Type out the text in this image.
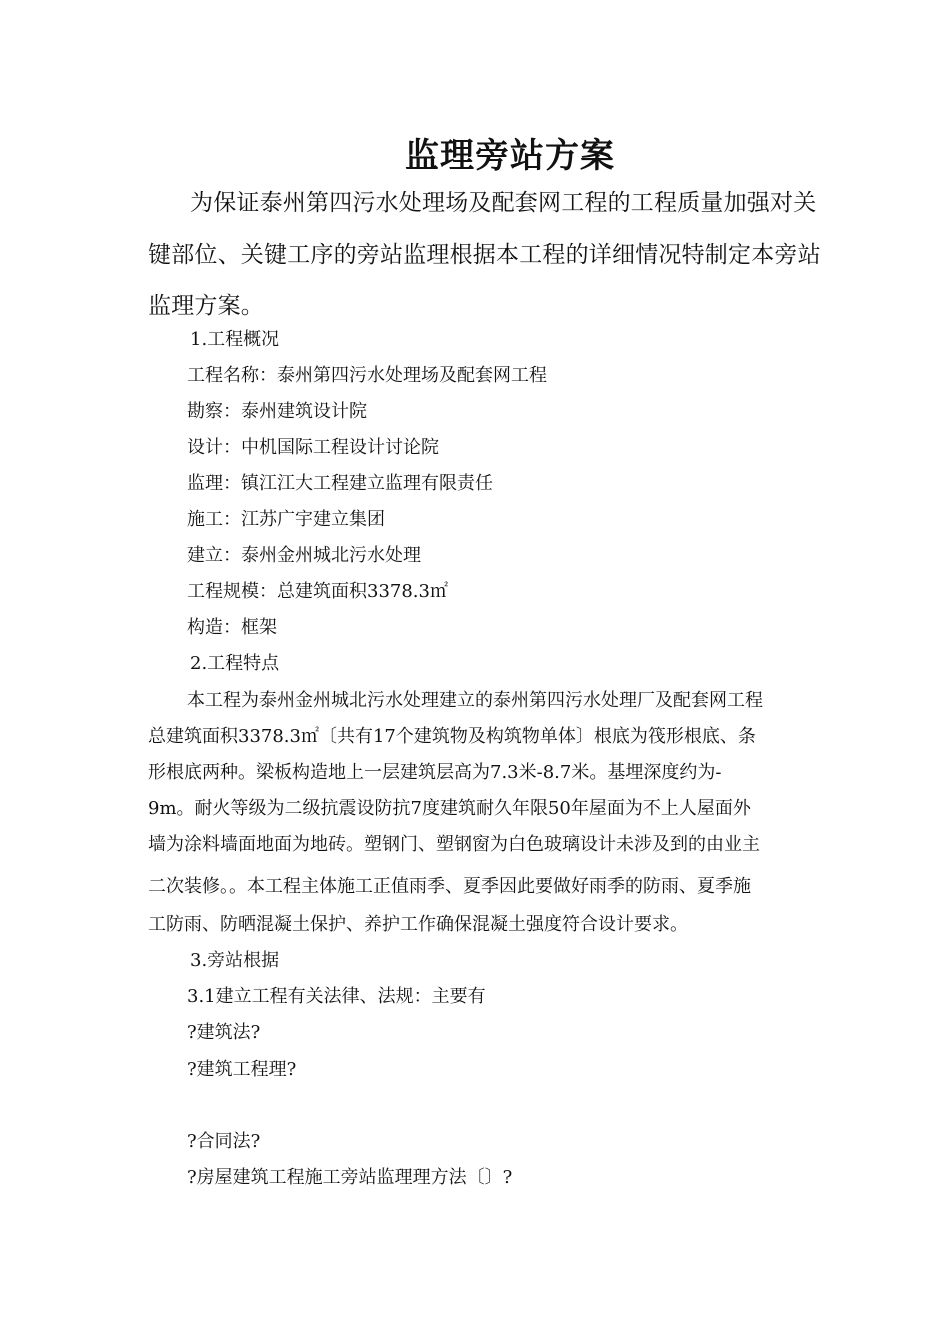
监理旁站方案
为保证泰州第四污水处理场及配套网工程的工程质量加强对关
键部位、关键工序的旁站监理根据本工程的详细情况特制定本旁站
监理方案。
1.工程概况
工程名称：泰州第四污水处理场及配套网工程
勘察：泰州建筑设计院
设计：中机国际工程设计讨论院
监理：镇江江大工程建立监理有限责任
施工：江苏广宇建立集团
建立：泰州金州城北污水处理
工程规模：总建筑面积3378.3㎡
构造：框架
2.工程特点
本工程为泰州金州城北污水处理建立的泰州第四污水处理厂及配套网工程
总建筑面积3378.3㎡〔共有17个建筑物及构筑物单体〕根底为筏形根底、条
形根底两种。梁板构造地上一层建筑层高为7.3米-8.7米。基埋深度约为-
9m。耐火等级为二级抗震设防抗7度建筑耐久年限50年屋面为不上人屋面外
墙为涂料墙面地面为地砖。塑钢门、塑钢窗为白色玻璃设计未涉及到的由业主
二次装修。。本工程主体施工正值雨季、夏季因此要做好雨季的防雨、夏季施
工防雨、防晒混凝土保护、养护工作确保混凝土强度符合设计要求。
3.旁站根据
3.1建立工程有关法律、法规：主要有
?建筑法?
?建筑工程理?
?合同法?
?房屋建筑工程施工旁站监理理方法〔〕?
